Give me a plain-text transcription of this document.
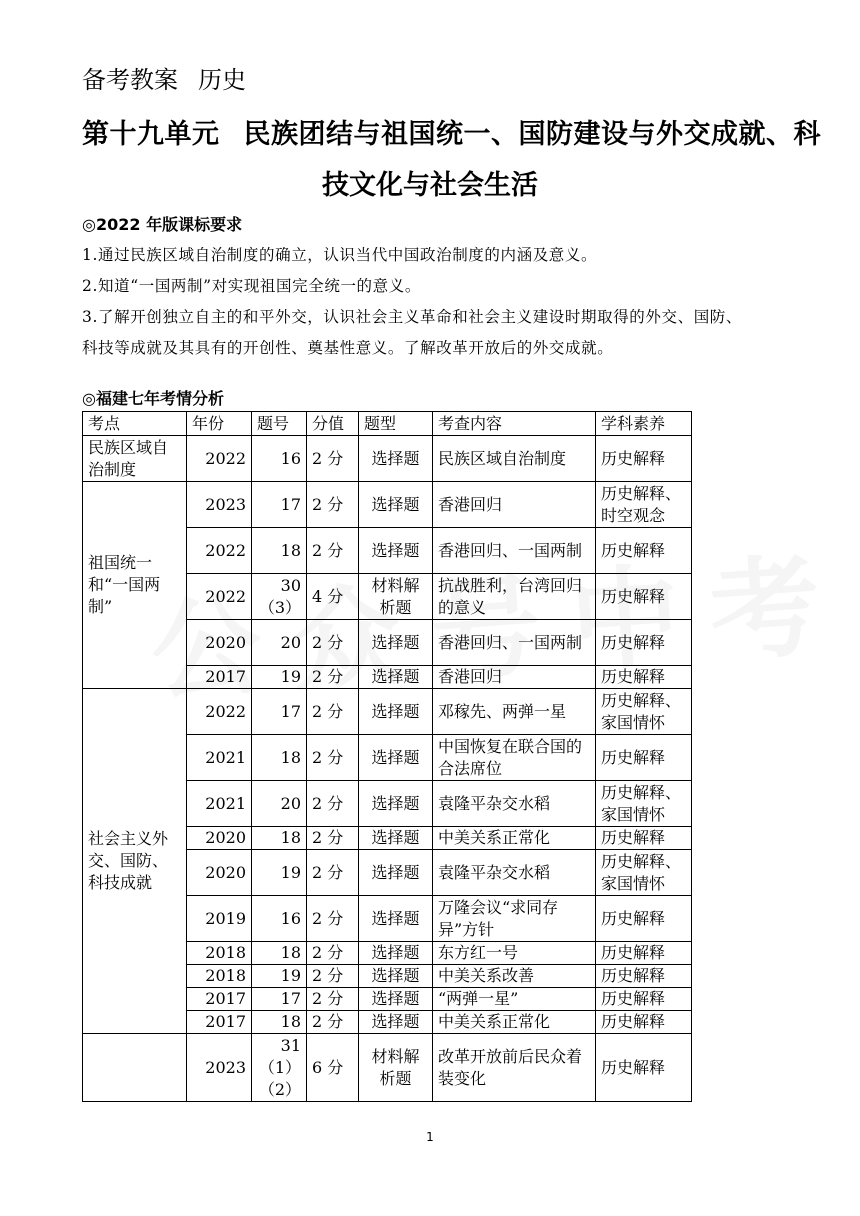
备考教案 历史
第十九单元 民族团结与祖国统一、国防建设与外交成就、科
技文化与社会生活
◎2022 年版课标要求
1.通过民族区域自治制度的确立，认识当代中国政治制度的内涵及意义。
2.知道“一国两制”对实现祖国完全统一的意义。
3.了解开创独立自主的和平外交，认识社会主义革命和社会主义建设时期取得的外交、国防、
科技等成就及其具有的开创性、奠基性意义。了解改革开放后的外交成就。
◎福建七年考情分析
考点	年份	题号	分值	题型	考查内容	学科素养
民族区域自治制度	2022	16	2 分	选择题	民族区域自治制度	历史解释
祖国统一和“一国两制”	2023	17	2 分	选择题	香港回归	历史解释、时空观念
	2022	18	2 分	选择题	香港回归、一国两制	历史解释
	2022	30（3）	4 分	材料解析题	抗战胜利，台湾回归的意义	历史解释
	2020	20	2 分	选择题	香港回归、一国两制	历史解释
	2017	19	2 分	选择题	香港回归	历史解释
社会主义外交、国防、科技成就	2022	17	2 分	选择题	邓稼先、两弹一星	历史解释、家国情怀
	2021	18	2 分	选择题	中国恢复在联合国的合法席位	历史解释
	2021	20	2 分	选择题	袁隆平杂交水稻	历史解释、家国情怀
	2020	18	2 分	选择题	中美关系正常化	历史解释
	2020	19	2 分	选择题	袁隆平杂交水稻	历史解释、家国情怀
	2019	16	2 分	选择题	万隆会议“求同存异”方针	历史解释
	2018	18	2 分	选择题	东方红一号	历史解释
	2018	19	2 分	选择题	中美关系改善	历史解释
	2017	17	2 分	选择题	“两弹一星”	历史解释
	2017	18	2 分	选择题	中美关系正常化	历史解释
	2023	31（1）（2）	6 分	材料解析题	改革开放前后民众着装变化	历史解释
1
